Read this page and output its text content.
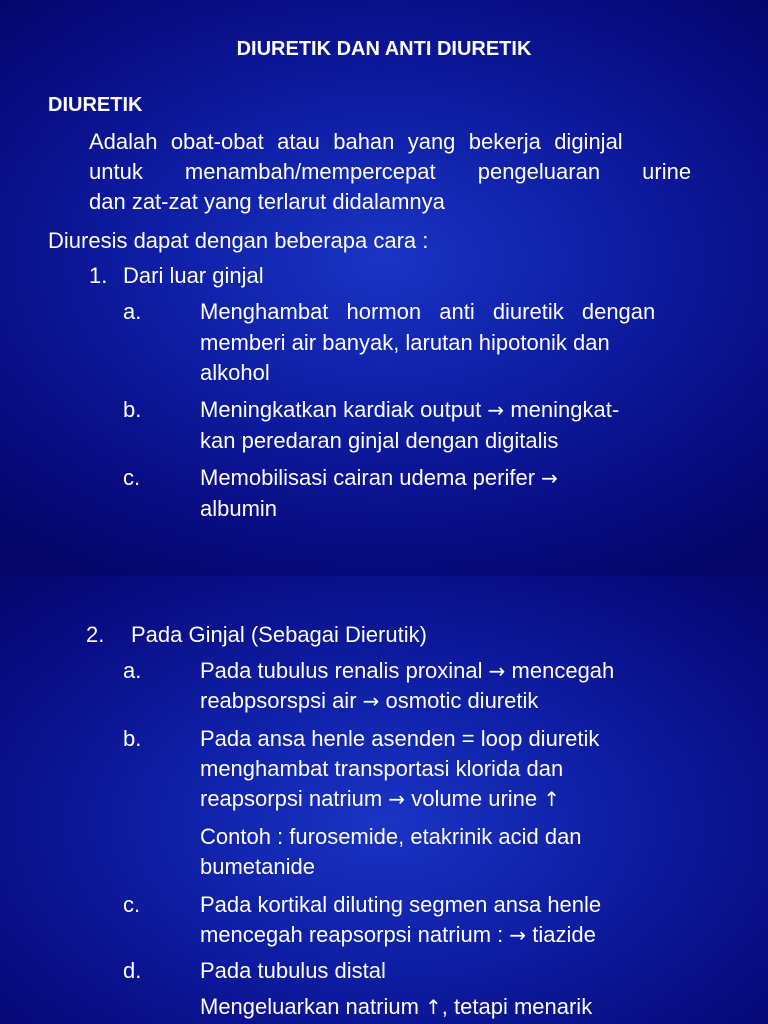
DIURETIK DAN ANTI DIURETIK
DIURETIK
Adalah obat-obat atau bahan yang bekerja diginjal
untuk menambah/mempercepat pengeluaran urine
dan zat-zat yang terlarut didalamnya
Diuresis dapat dengan beberapa cara :
1. Dari luar ginjal
a.	Menghambat hormon anti diuretik dengan
memberi air banyak, larutan hipotonik dan
alkohol
b.	Meningkatkan kardiak output → meningkat-
kan peredaran ginjal dengan digitalis
c.	Memobilisasi cairan udema perifer →
albumin
2. Pada Ginjal (Sebagai Dierutik)
a.	Pada tubulus renalis proxinal → mencegah
reabpsorspsi air → osmotic diuretik
b.	Pada ansa henle asenden = loop diuretik
menghambat transportasi klorida dan
reapsorpsi natrium → volume urine ↑
Contoh : furosemide, etakrinik acid dan
bumetanide
c.	Pada kortikal diluting segmen ansa henle
mencegah reapsorpsi natrium : → tiazide
d.	Pada tubulus distal
Mengeluarkan natrium ↑, tetapi menarik
